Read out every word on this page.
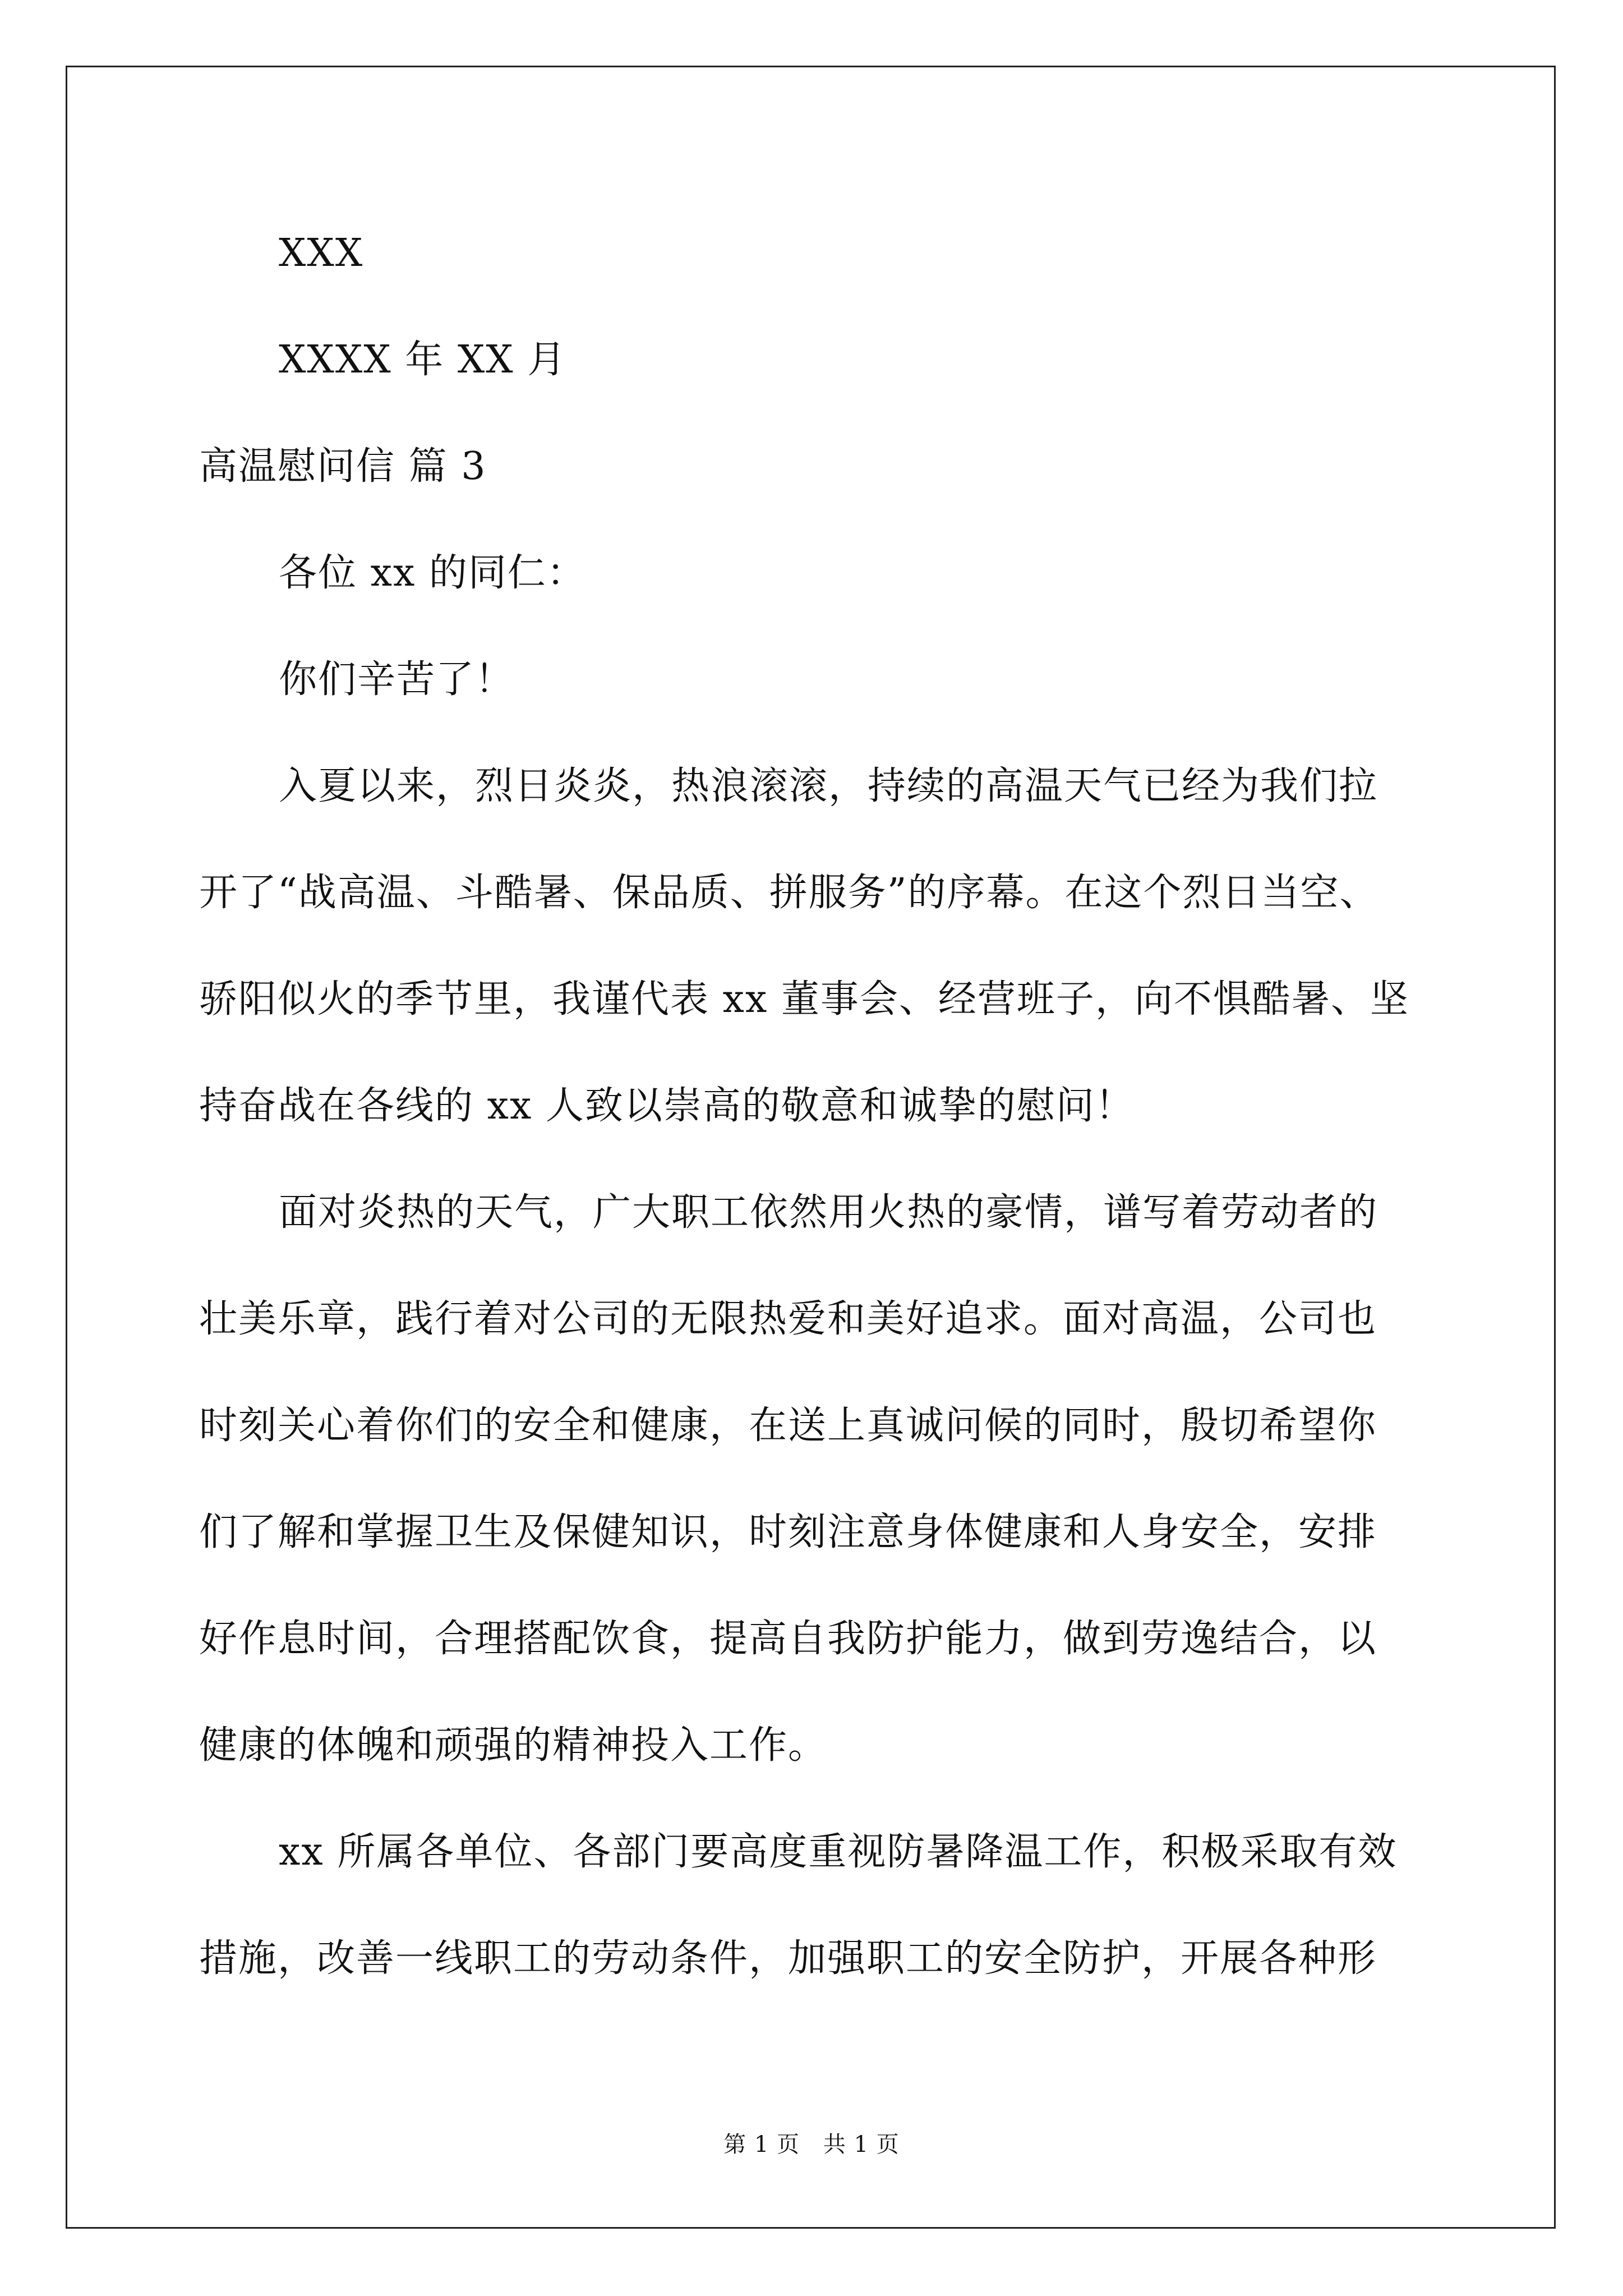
XXX
XXXX 年 XX 月
高温慰问信 篇 3
各位 xx 的同仁：
你们辛苦了！
入夏以来，烈日炎炎，热浪滚滚，持续的高温天气已经为我们拉
开了“战高温、斗酷暑、保品质、拼服务”的序幕。在这个烈日当空、
骄阳似火的季节里，我谨代表 xx 董事会、经营班子，向不惧酷暑、坚
持奋战在各线的 xx 人致以崇高的敬意和诚挚的慰问！
面对炎热的天气，广大职工依然用火热的豪情，谱写着劳动者的
壮美乐章，践行着对公司的无限热爱和美好追求。面对高温，公司也
时刻关心着你们的安全和健康，在送上真诚问候的同时，殷切希望你
们了解和掌握卫生及保健知识，时刻注意身体健康和人身安全，安排
好作息时间，合理搭配饮食，提高自我防护能力，做到劳逸结合，以
健康的体魄和顽强的精神投入工作。
xx 所属各单位、各部门要高度重视防暑降温工作，积极采取有效
措施，改善一线职工的劳动条件，加强职工的安全防护，开展各种形
第 1 页 共 1 页
